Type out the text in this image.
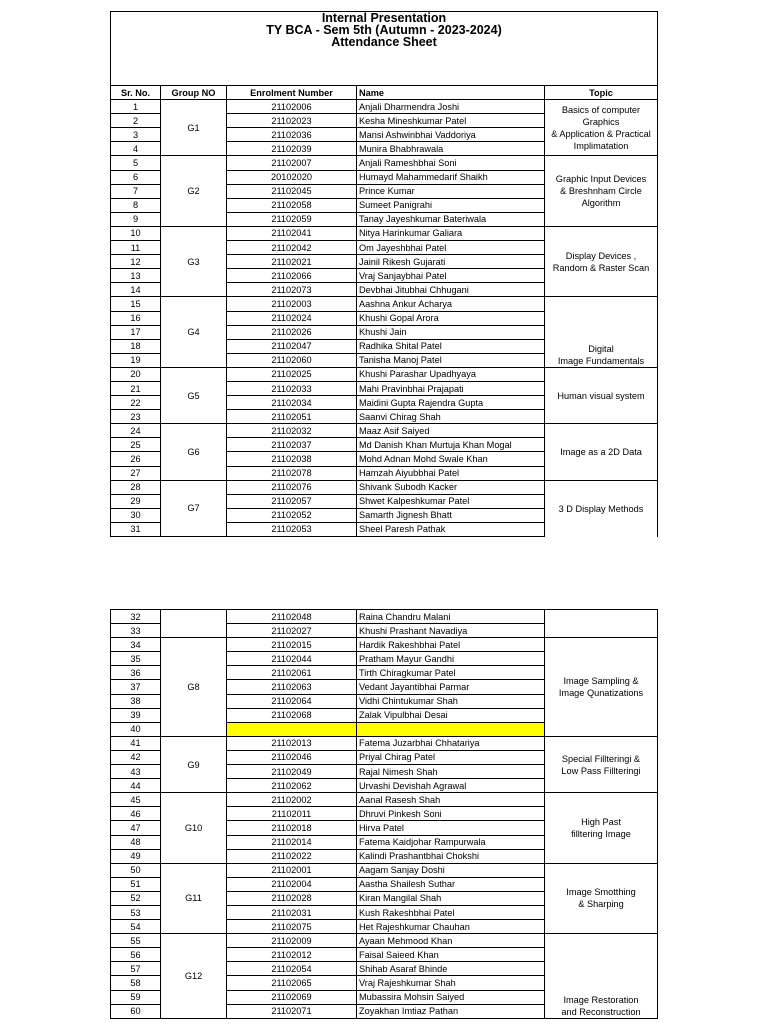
Internal Presentation
TY BCA - Sem 5th (Autumn - 2023-2024)
Attendance Sheet				

Sr. No.	Group NO	Enrolment Number	Name	Topic
1	G1	21102006	Anjali Dharmendra Joshi	Basics of computer
Graphics
& Application & Practical
Implimatation

2		21102023	Kesha Mineshkumar Patel	
3		21102036	Mansi Ashwinbhai Vaddoriya	
4		21102039	Munira Bhabhrawala	
5	G2	21102007	Anjali Rameshbhai Soni	Graphic Input Devices
& Breshnham Circle
Algorithm

6		20102020	Humayd Mahammedarif Shaikh	
7		21102045	Prince Kumar	
8		21102058	Sumeet Panigrahi	
9		21102059	Tanay Jayeshkumar Bateriwala	
10	G3	21102041	Nitya Harinkumar Galiara	Display Devices ,
Random & Raster Scan

11		21102042	Om Jayeshbhai Patel	
12		21102021	Jainil Rikesh Gujarati	
13		21102066	Vraj Sanjaybhai Patel	
14		21102073	Devbhai Jitubhai Chhugani	
15	G4	21102003	Aashna Ankur Acharya	Digital
Image Fundamentals

16		21102024	Khushi Gopal Arora	
17		21102026	Khushi Jain	
18		21102047	Radhika Shital Patel	
19		21102060	Tanisha Manoj Patel	
20	G5	21102025	Khushi Parashar Upadhyaya	Human visual system

21		21102033	Mahi Pravinbhai Prajapati	
22		21102034	Maidini Gupta Rajendra Gupta	
23		21102051	Saanvi Chirag Shah	
24	G6	21102032	Maaz Asif Saiyed	Image as a 2D Data

25		21102037	Md Danish Khan Murtuja Khan Mogal	
26		21102038	Mohd Adnan Mohd Swale Khan	
27		21102078	Hamzah Aiyubbhai Patel	
28	G7	21102076	Shivank Subodh Kacker	3 D Display Methods

29		21102057	Shwet Kalpeshkumar Patel	
30		21102052	Samarth Jignesh Bhatt	
31		21102053	Sheel Paresh Pathak	
32		21102048	Raina Chandru Malani	
33		21102027	Khushi Prashant Navadiya	
34	G8	21102015	Hardik Rakeshbhai Patel	Image Sampling &
Image Qunatizations

35		21102044	Pratham Mayur Gandhi	
36		21102061	Tirth Chiragkumar Patel	
37		21102063	Vedant Jayantibhai Parmar	
38		21102064	Vidhi Chintukumar Shah	
39		21102068	Zalak Vipulbhai Desai	
40				
41	G9	21102013	Fatema Juzarbhai Chhatariya	Special Fillteringi &
Low Pass Fillteringi

42		21102046	Priyal Chirag Patel	
43		21102049	Rajal Nimesh Shah	
44		21102062	Urvashi Devishah Agrawal	
45	G10	21102002	Aanal Rasesh Shah	High Past
filltering Image

46		21102011	Dhruvi Pinkesh Soni	
47		21102018	Hirva Patel	
48		21102014	Fatema Kaidjohar Rampurwala	
49		21102022	Kalindi Prashantbhai Chokshi	
50	G11	21102001	Aagam Sanjay Doshi	Image Smotthing
& Sharping

51		21102004	Aastha Shailesh Suthar	
52		21102028	Kiran Mangilal Shah	
53		21102031	Kush Rakeshbhai Patel	
54		21102075	Het Rajeshkumar Chauhan	
55	G12	21102009	Ayaan Mehmood Khan	Image Restoration
and Reconstruction

56		21102012	Faisal Saieed Khan	
57		21102054	Shihab Asaraf Bhinde	
58		21102065	Vraj Rajeshkumar Shah	
59		21102069	Mubassira Mohsin Saiyed	
60		21102071	Zoyakhan Imtiaz Pathan	
